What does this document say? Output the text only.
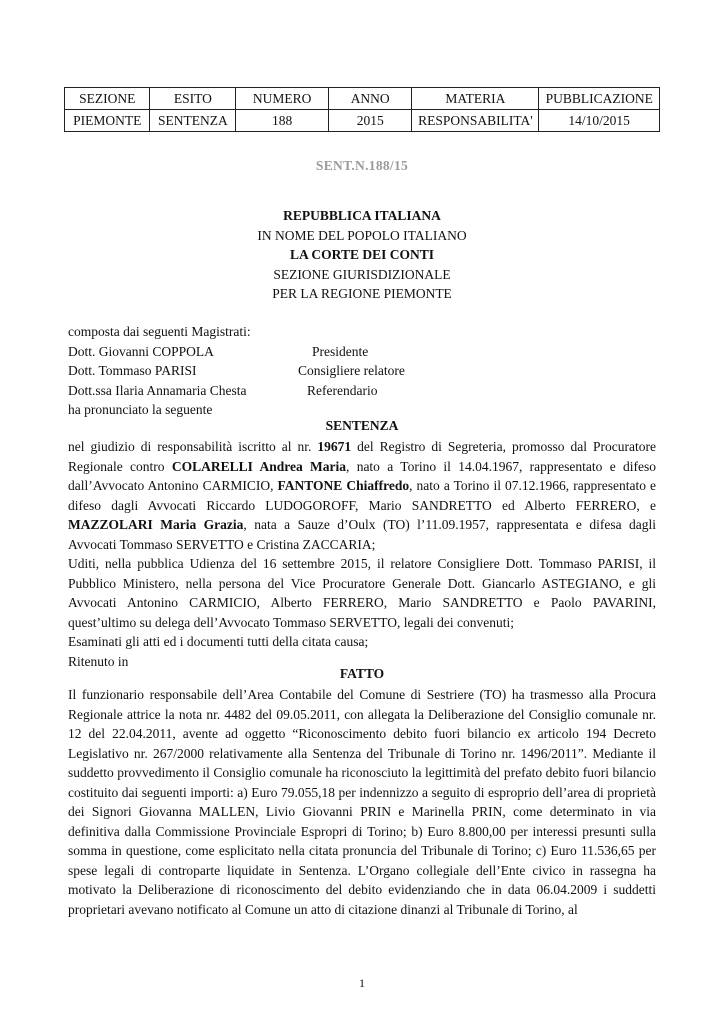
SEZIONE	ESITO	NUMERO	ANNO	MATERIA	PUBBLICAZIONE
PIEMONTE	SENTENZA	188	2015	RESPONSABILITA'	14/10/2015
SENT.N.188/15
REPUBBLICA ITALIANA
IN NOME DEL POPOLO ITALIANO
LA CORTE DEI CONTI
SEZIONE GIURISDIZIONALE
PER LA REGIONE PIEMONTE
composta dai seguenti Magistrati:
Dott. Giovanni COPPOLA	Presidente
Dott. Tommaso PARISI	Consigliere relatore
Dott.ssa Ilaria Annamaria Chesta	Referendario
ha pronunciato la seguente
SENTENZA

nel giudizio di responsabilità iscritto al nr. 19671 del Registro di Segreteria, promosso dal Procuratore Regionale contro COLARELLI Andrea Maria, nato a Torino il 14.04.1967, rappresentato e difeso dall’Avvocato Antonino CARMICIO, FANTONE Chiaffredo, nato a Torino il 07.12.1966, rappresentato e difeso dagli Avvocati Riccardo LUDOGOROFF, Mario SANDRETTO ed Alberto FERRERO, e MAZZOLARI Maria Grazia, nata a Sauze d’Oulx (TO) l’11.09.1957, rappresentata e difesa dagli Avvocati Tommaso SERVETTO e Cristina ZACCARIA;

Uditi, nella pubblica Udienza del 16 settembre 2015, il relatore Consigliere Dott. Tommaso PARISI, il Pubblico Ministero, nella persona del Vice Procuratore Generale Dott. Giancarlo ASTEGIANO, e gli Avvocati Antonino CARMICIO, Alberto FERRERO, Mario SANDRETTO e Paolo PAVARINI, quest’ultimo su delega dell’Avvocato Tommaso SERVETTO, legali dei convenuti;

Esaminati gli atti ed i documenti tutti della citata causa;

Ritenuto in

FATTO

Il funzionario responsabile dell’Area Contabile del Comune di Sestriere (TO) ha trasmesso alla Procura Regionale attrice la nota nr. 4482 del 09.05.2011, con allegata la Deliberazione del Consiglio comunale nr. 12 del 22.04.2011, avente ad oggetto “Riconoscimento debito fuori bilancio ex articolo 194 Decreto Legislativo nr. 267/2000 relativamente alla Sentenza del Tribunale di Torino nr. 1496/2011”. Mediante il suddetto provvedimento il Consiglio comunale ha riconosciuto la legittimità del prefato debito fuori bilancio costituito dai seguenti importi: a) Euro 79.055,18 per indennizzo a seguito di esproprio dell’area di proprietà dei Signori Giovanna MALLEN, Livio Giovanni PRIN e Marinella PRIN, come determinato in via definitiva dalla Commissione Provinciale Espropri di Torino; b) Euro 8.800,00 per interessi presunti sulla somma in questione, come esplicitato nella citata pronuncia del Tribunale di Torino; c) Euro 11.536,65 per spese legali di controparte liquidate in Sentenza. L’Organo collegiale dell’Ente civico in rassegna ha motivato la Deliberazione di riconoscimento del debito evidenziando che in data 06.04.2009 i suddetti proprietari avevano notificato al Comune un atto di citazione dinanzi al Tribunale di Torino, al

1
